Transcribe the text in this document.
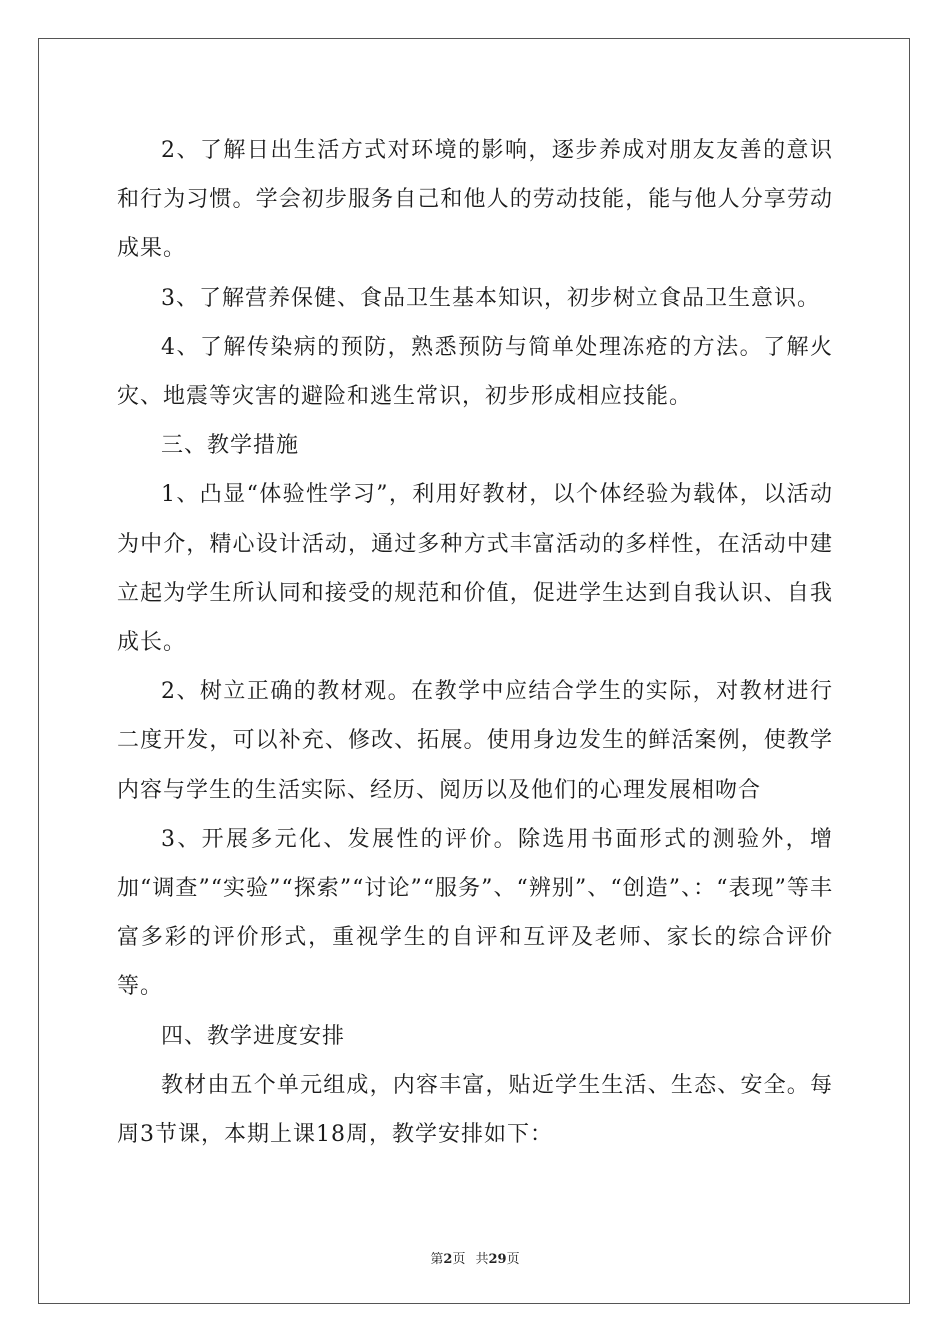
2、了解日出生活方式对环境的影响，逐步养成对朋友友善的意识和行为习惯。学会初步服务自己和他人的劳动技能，能与他人分享劳动成果。

3、了解营养保健、食品卫生基本知识，初步树立食品卫生意识。

4、了解传染病的预防，熟悉预防与简单处理冻疮的方法。了解火灾、地震等灾害的避险和逃生常识，初步形成相应技能。

三、教学措施

1、凸显“体验性学习”，利用好教材，以个体经验为载体，以活动为中介，精心设计活动，通过多种方式丰富活动的多样性，在活动中建立起为学生所认同和接受的规范和价值，促进学生达到自我认识、自我成长。

2、树立正确的教材观。在教学中应结合学生的实际，对教材进行二度开发，可以补充、修改、拓展。使用身边发生的鲜活案例，使教学内容与学生的生活实际、经历、阅历以及他们的心理发展相吻合

3、开展多元化、发展性的评价。除选用书面形式的测验外，增加“调查”“实验”“探索”“讨论”“服务”、“辨别”、“创造”、：“表现”等丰富多彩的评价形式，重视学生的自评和互评及老师、家长的综合评价等。

四、教学进度安排

教材由五个单元组成，内容丰富，贴近学生生活、生态、安全。每周3节课，本期上课18周，教学安排如下：

第2页 共29页
